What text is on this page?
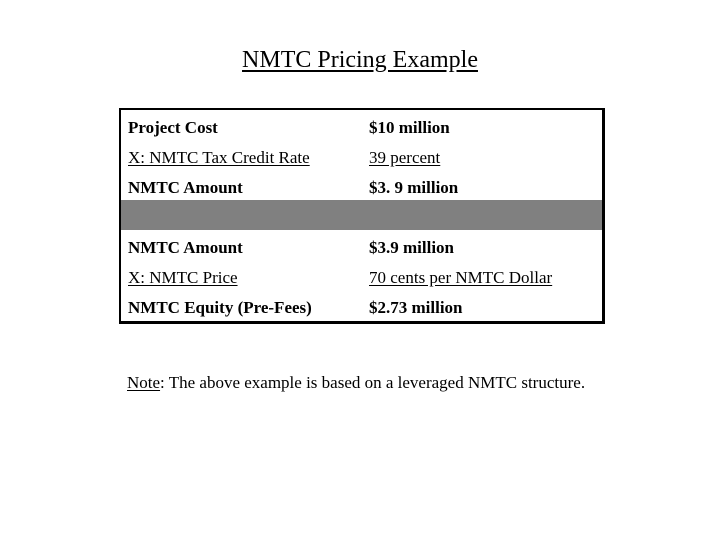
NMTC Pricing Example
Project Cost	$10 million
X: NMTC Tax Credit Rate	39 percent
NMTC Amount	$3. 9 million
NMTC Amount	$3.9 million
X: NMTC Price	70 cents per NMTC Dollar
NMTC Equity (Pre-Fees)	$2.73 million
Note: The above example is based on a leveraged NMTC structure.
